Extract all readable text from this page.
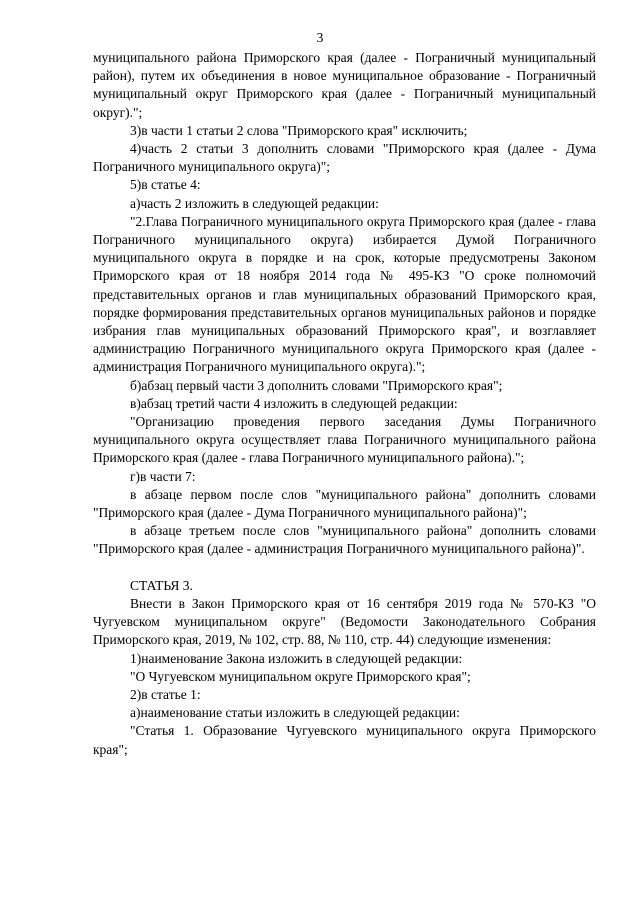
3

муниципального района Приморского края (далее - Пограничный муниципальный район), путем их объединения в новое муниципальное образование - Пограничный муниципальный округ Приморского края (далее - Пограничный муниципальный округ).";

3)в части 1 статьи 2 слова "Приморского края" исключить;

4)часть 2 статьи 3 дополнить словами "Приморского края (далее - Дума Пограничного муниципального округа)";

5)в статье 4:

а)часть 2 изложить в следующей редакции:

"2.Глава Пограничного муниципального округа Приморского края (далее - глава Пограничного муниципального округа) избирается Думой Пограничного муниципального округа в порядке и на срок, которые предусмотрены Законом Приморского края от 18 ноября 2014 года № 495-КЗ "О сроке полномочий представительных органов и глав муниципальных образований Приморского края, порядке формирования представительных органов муниципальных районов и порядке избрания глав муниципальных образований Приморского края", и возглавляет администрацию Пограничного муниципального округа Приморского края (далее - администрация Пограничного муниципального округа).";

б)абзац первый части 3 дополнить словами "Приморского края";

в)абзац третий части 4 изложить в следующей редакции:

"Организацию проведения первого заседания Думы Пограничного муниципального округа осуществляет глава Пограничного муниципального района Приморского края (далее - глава Пограничного муниципального района).";

г)в части 7:

в абзаце первом после слов "муниципального района" дополнить словами "Приморского края (далее - Дума Пограничного муниципального района)";

в абзаце третьем после слов "муниципального района" дополнить словами "Приморского края (далее - администрация Пограничного муниципального района)".

СТАТЬЯ 3.

Внести в Закон Приморского края от 16 сентября 2019 года № 570-КЗ "О Чугуевском муниципальном округе" (Ведомости Законодательного Собрания Приморского края, 2019, № 102, стр. 88, № 110, стр. 44) следующие изменения:

1)наименование Закона изложить в следующей редакции:

"О Чугуевском муниципальном округе Приморского края";

2)в статье 1:

а)наименование статьи изложить в следующей редакции:

"Статья 1. Образование Чугуевского муниципального округа Приморского края";
